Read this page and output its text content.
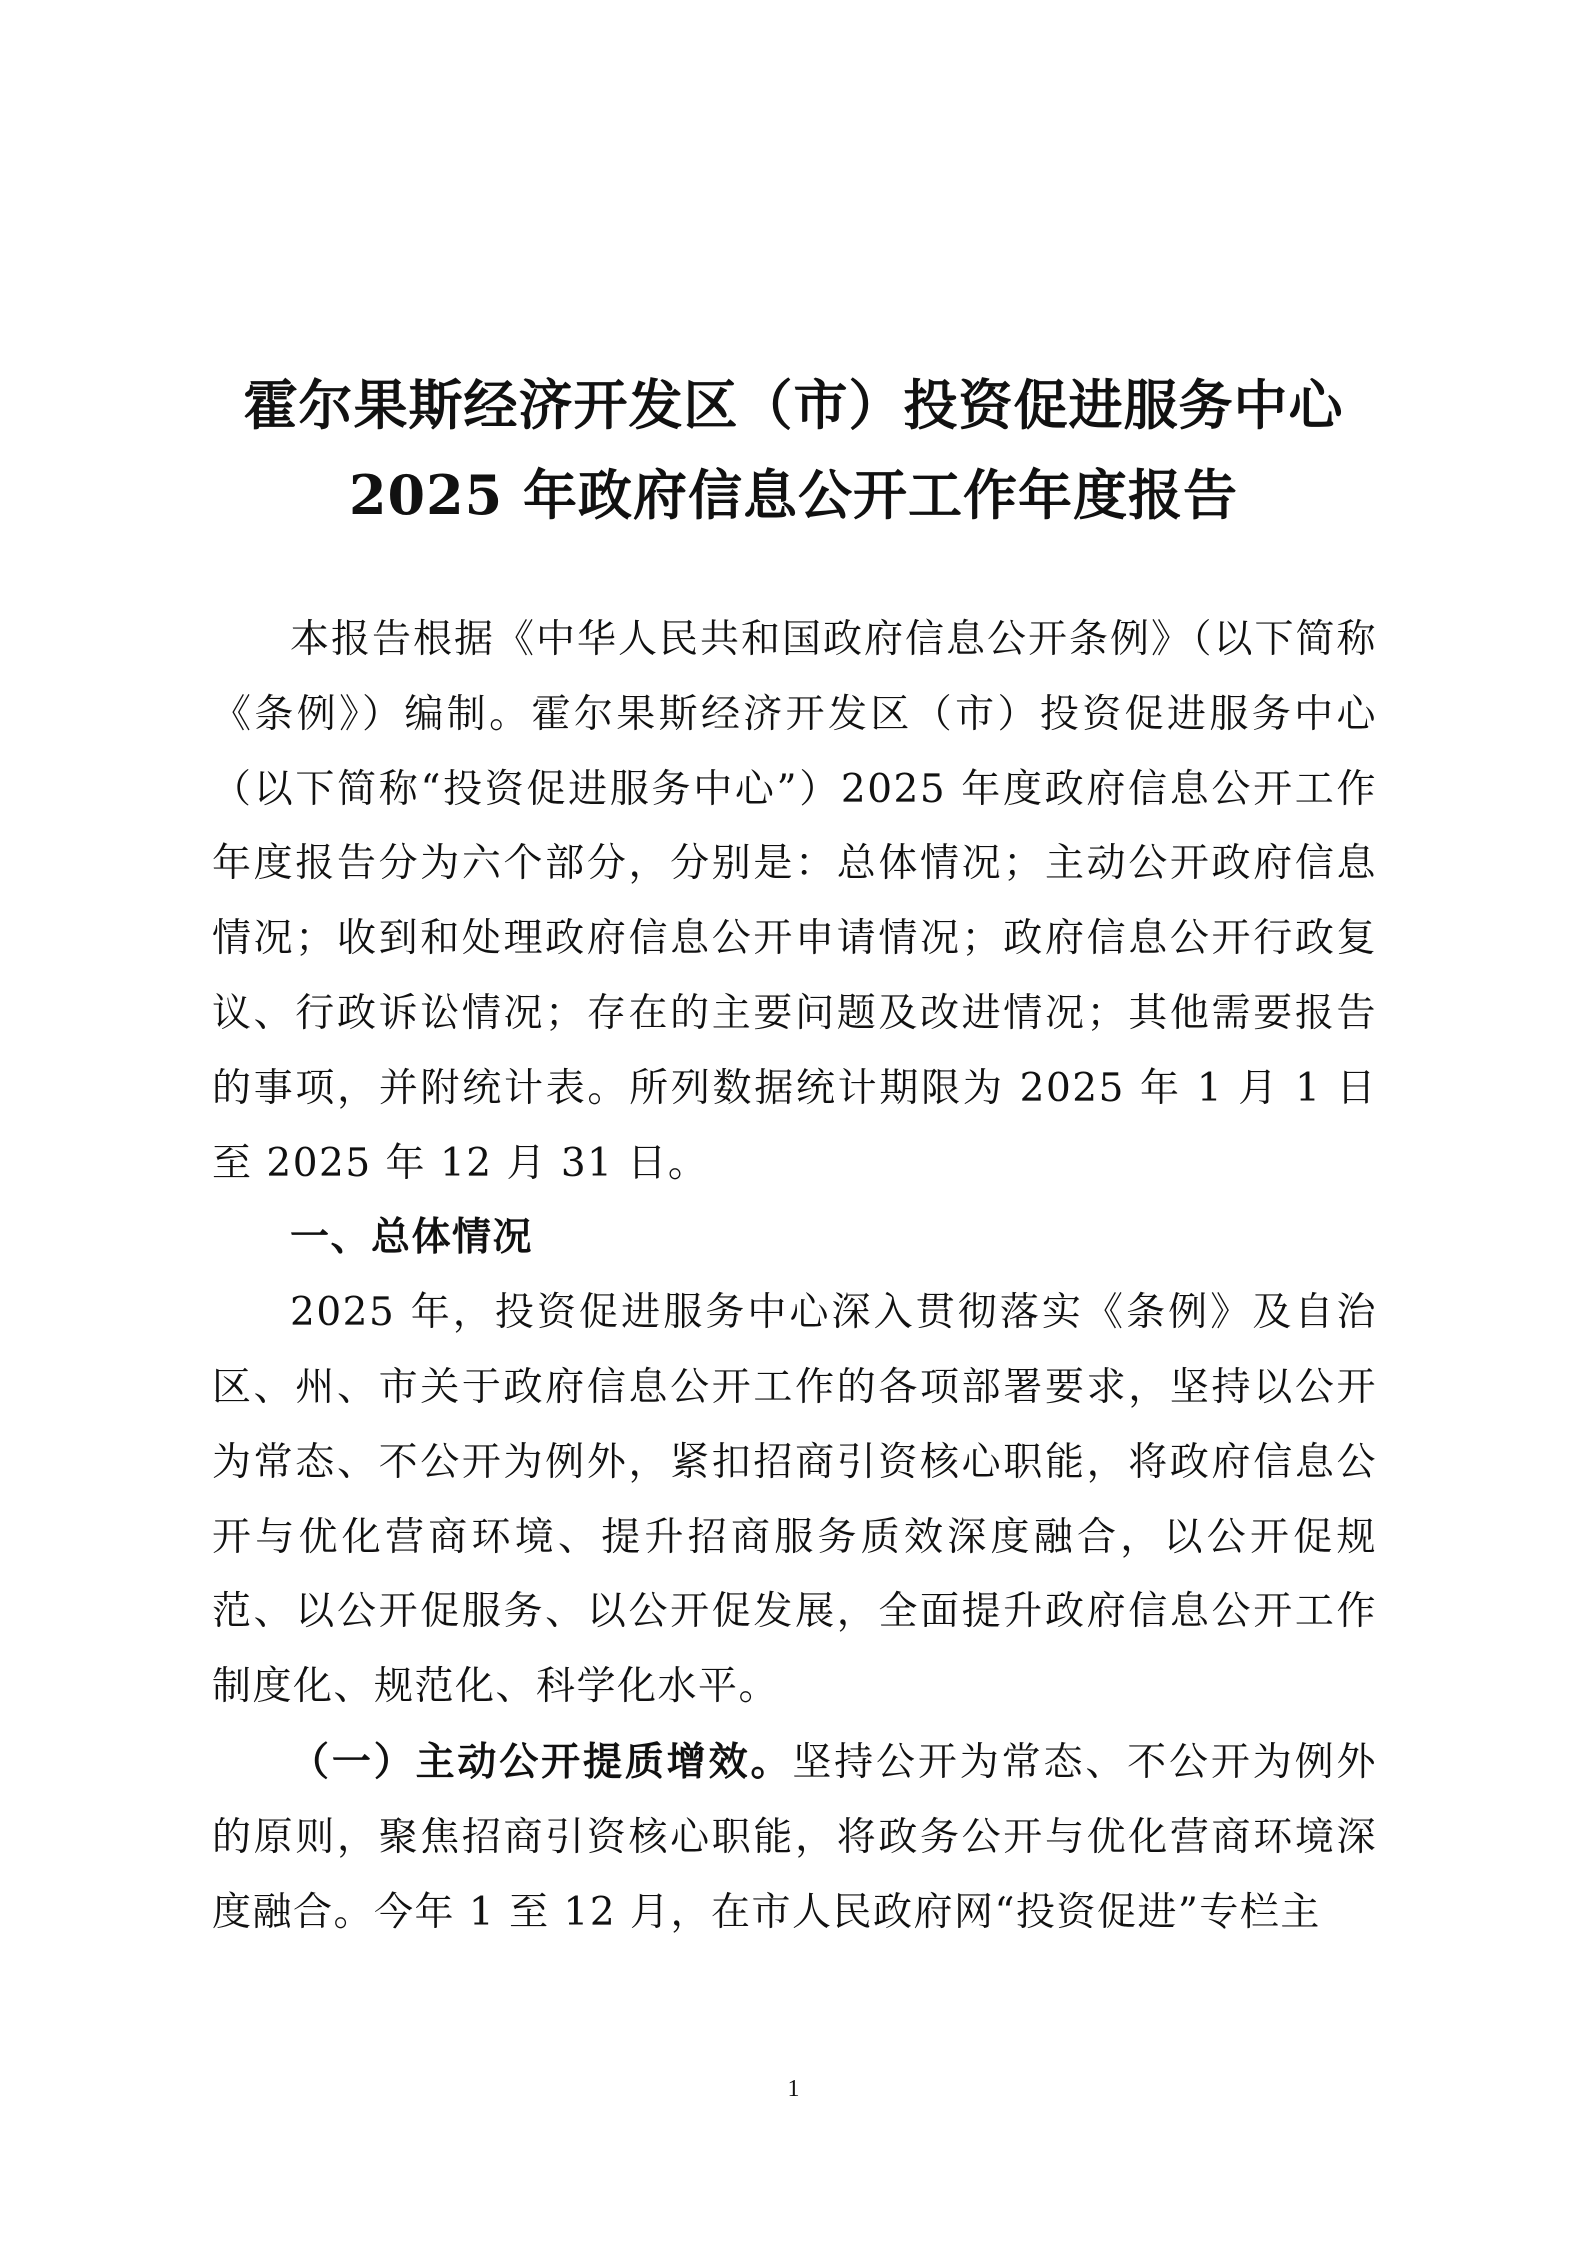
霍尔果斯经济开发区（市）投资促进服务中心
2025 年政府信息公开工作年度报告

本报告根据《中华人民共和国政府信息公开条例》（以下简称《条例》）编制。霍尔果斯经济开发区（市）投资促进服务中心（以下简称“投资促进服务中心”）2025 年度政府信息公开工作年度报告分为六个部分，分别是：总体情况；主动公开政府信息情况；收到和处理政府信息公开申请情况；政府信息公开行政复议、行政诉讼情况；存在的主要问题及改进情况；其他需要报告的事项，并附统计表。所列数据统计期限为 2025 年 1 月 1 日至 2025 年 12 月 31 日。

一、总体情况

2025 年，投资促进服务中心深入贯彻落实《条例》及自治区、州、市关于政府信息公开工作的各项部署要求，坚持以公开为常态、不公开为例外，紧扣招商引资核心职能，将政府信息公开与优化营商环境、提升招商服务质效深度融合，以公开促规范、以公开促服务、以公开促发展，全面提升政府信息公开工作制度化、规范化、科学化水平。

（一）主动公开提质增效。坚持公开为常态、不公开为例外的原则，聚焦招商引资核心职能，将政务公开与优化营商环境深度融合。今年 1 至 12 月，在市人民政府网“投资促进”专栏主

1
